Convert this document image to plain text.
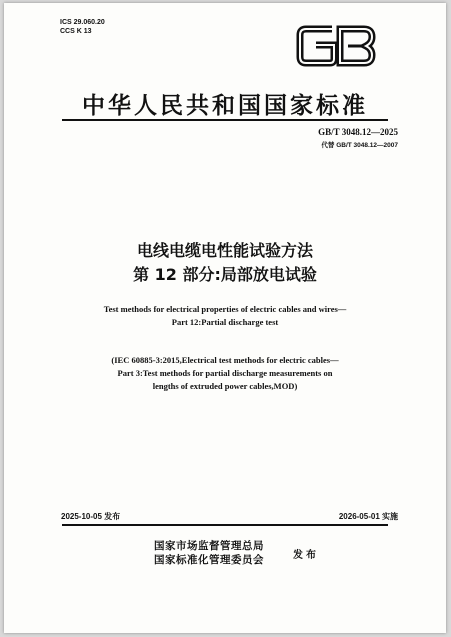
ICS 29.060.20
CCS K 13
中华人民共和国国家标准
GB/T 3048.12—2025
代替 GB/T 3048.12—2007
电线电缆电性能试验方法
第 12 部分:局部放电试验
Test methods for electrical properties of electric cables and wires—
Part 12:Partial discharge test
(IEC 60885-3:2015,Electrical test methods for electric cables—
Part 3:Test methods for partial discharge measurements on
lengths of extruded power cables,MOD)
2025-10-05 发布	2026-05-01 实施
国家市场监督管理总局
国家标准化管理委员会	发布
